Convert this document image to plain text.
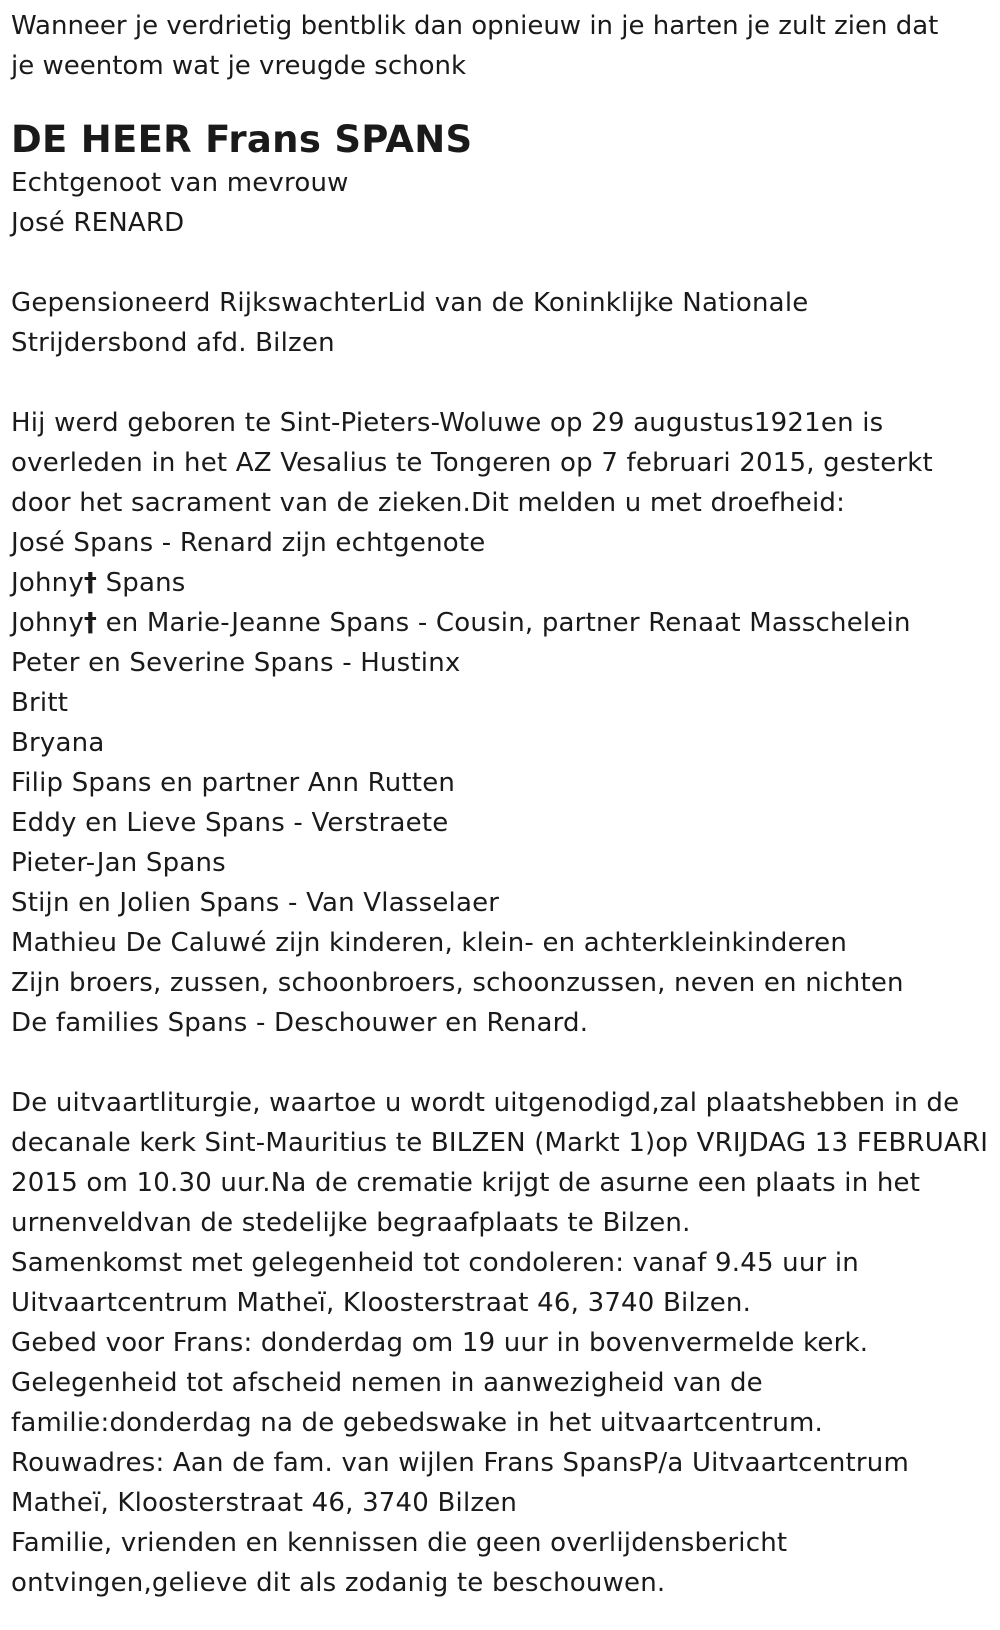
Wanneer je verdrietig bentblik dan opnieuw in je harten je zult zien dat
je weentom wat je vreugde schonk
DE HEER Frans SPANS
Echtgenoot van mevrouw
José RENARD
Gepensioneerd RijkswachterLid van de Koninklijke Nationale
Strijdersbond afd. Bilzen
Hij werd geboren te Sint-Pieters-Woluwe op 29 augustus1921en is
overleden in het AZ Vesalius te Tongeren op 7 februari 2015, gesterkt
door het sacrament van de zieken.Dit melden u met droefheid:
José Spans - Renard zijn echtgenote
Johny† Spans
Johny† en Marie-Jeanne Spans - Cousin, partner Renaat Masschelein
Peter en Severine Spans - Hustinx
Britt
Bryana
Filip Spans en partner Ann Rutten
Eddy en Lieve Spans - Verstraete
Pieter-Jan Spans
Stijn en Jolien Spans - Van Vlasselaer
Mathieu De Caluwé zijn kinderen, klein- en achterkleinkinderen
Zijn broers, zussen, schoonbroers, schoonzussen, neven en nichten
De families Spans - Deschouwer en Renard.
De uitvaartliturgie, waartoe u wordt uitgenodigd,zal plaatshebben in de
decanale kerk Sint-Mauritius te BILZEN (Markt 1)op VRIJDAG 13 FEBRUARI
2015 om 10.30 uur.Na de crematie krijgt de asurne een plaats in het
urnenveldvan de stedelijke begraafplaats te Bilzen.
Samenkomst met gelegenheid tot condoleren: vanaf 9.45 uur in
Uitvaartcentrum Matheï, Kloosterstraat 46, 3740 Bilzen.
Gebed voor Frans: donderdag om 19 uur in bovenvermelde kerk.
Gelegenheid tot afscheid nemen in aanwezigheid van de
familie:donderdag na de gebedswake in het uitvaartcentrum.
Rouwadres: Aan de fam. van wijlen Frans SpansP/a Uitvaartcentrum
Matheï, Kloosterstraat 46, 3740 Bilzen
Familie, vrienden en kennissen die geen overlijdensbericht
ontvingen,gelieve dit als zodanig te beschouwen.
